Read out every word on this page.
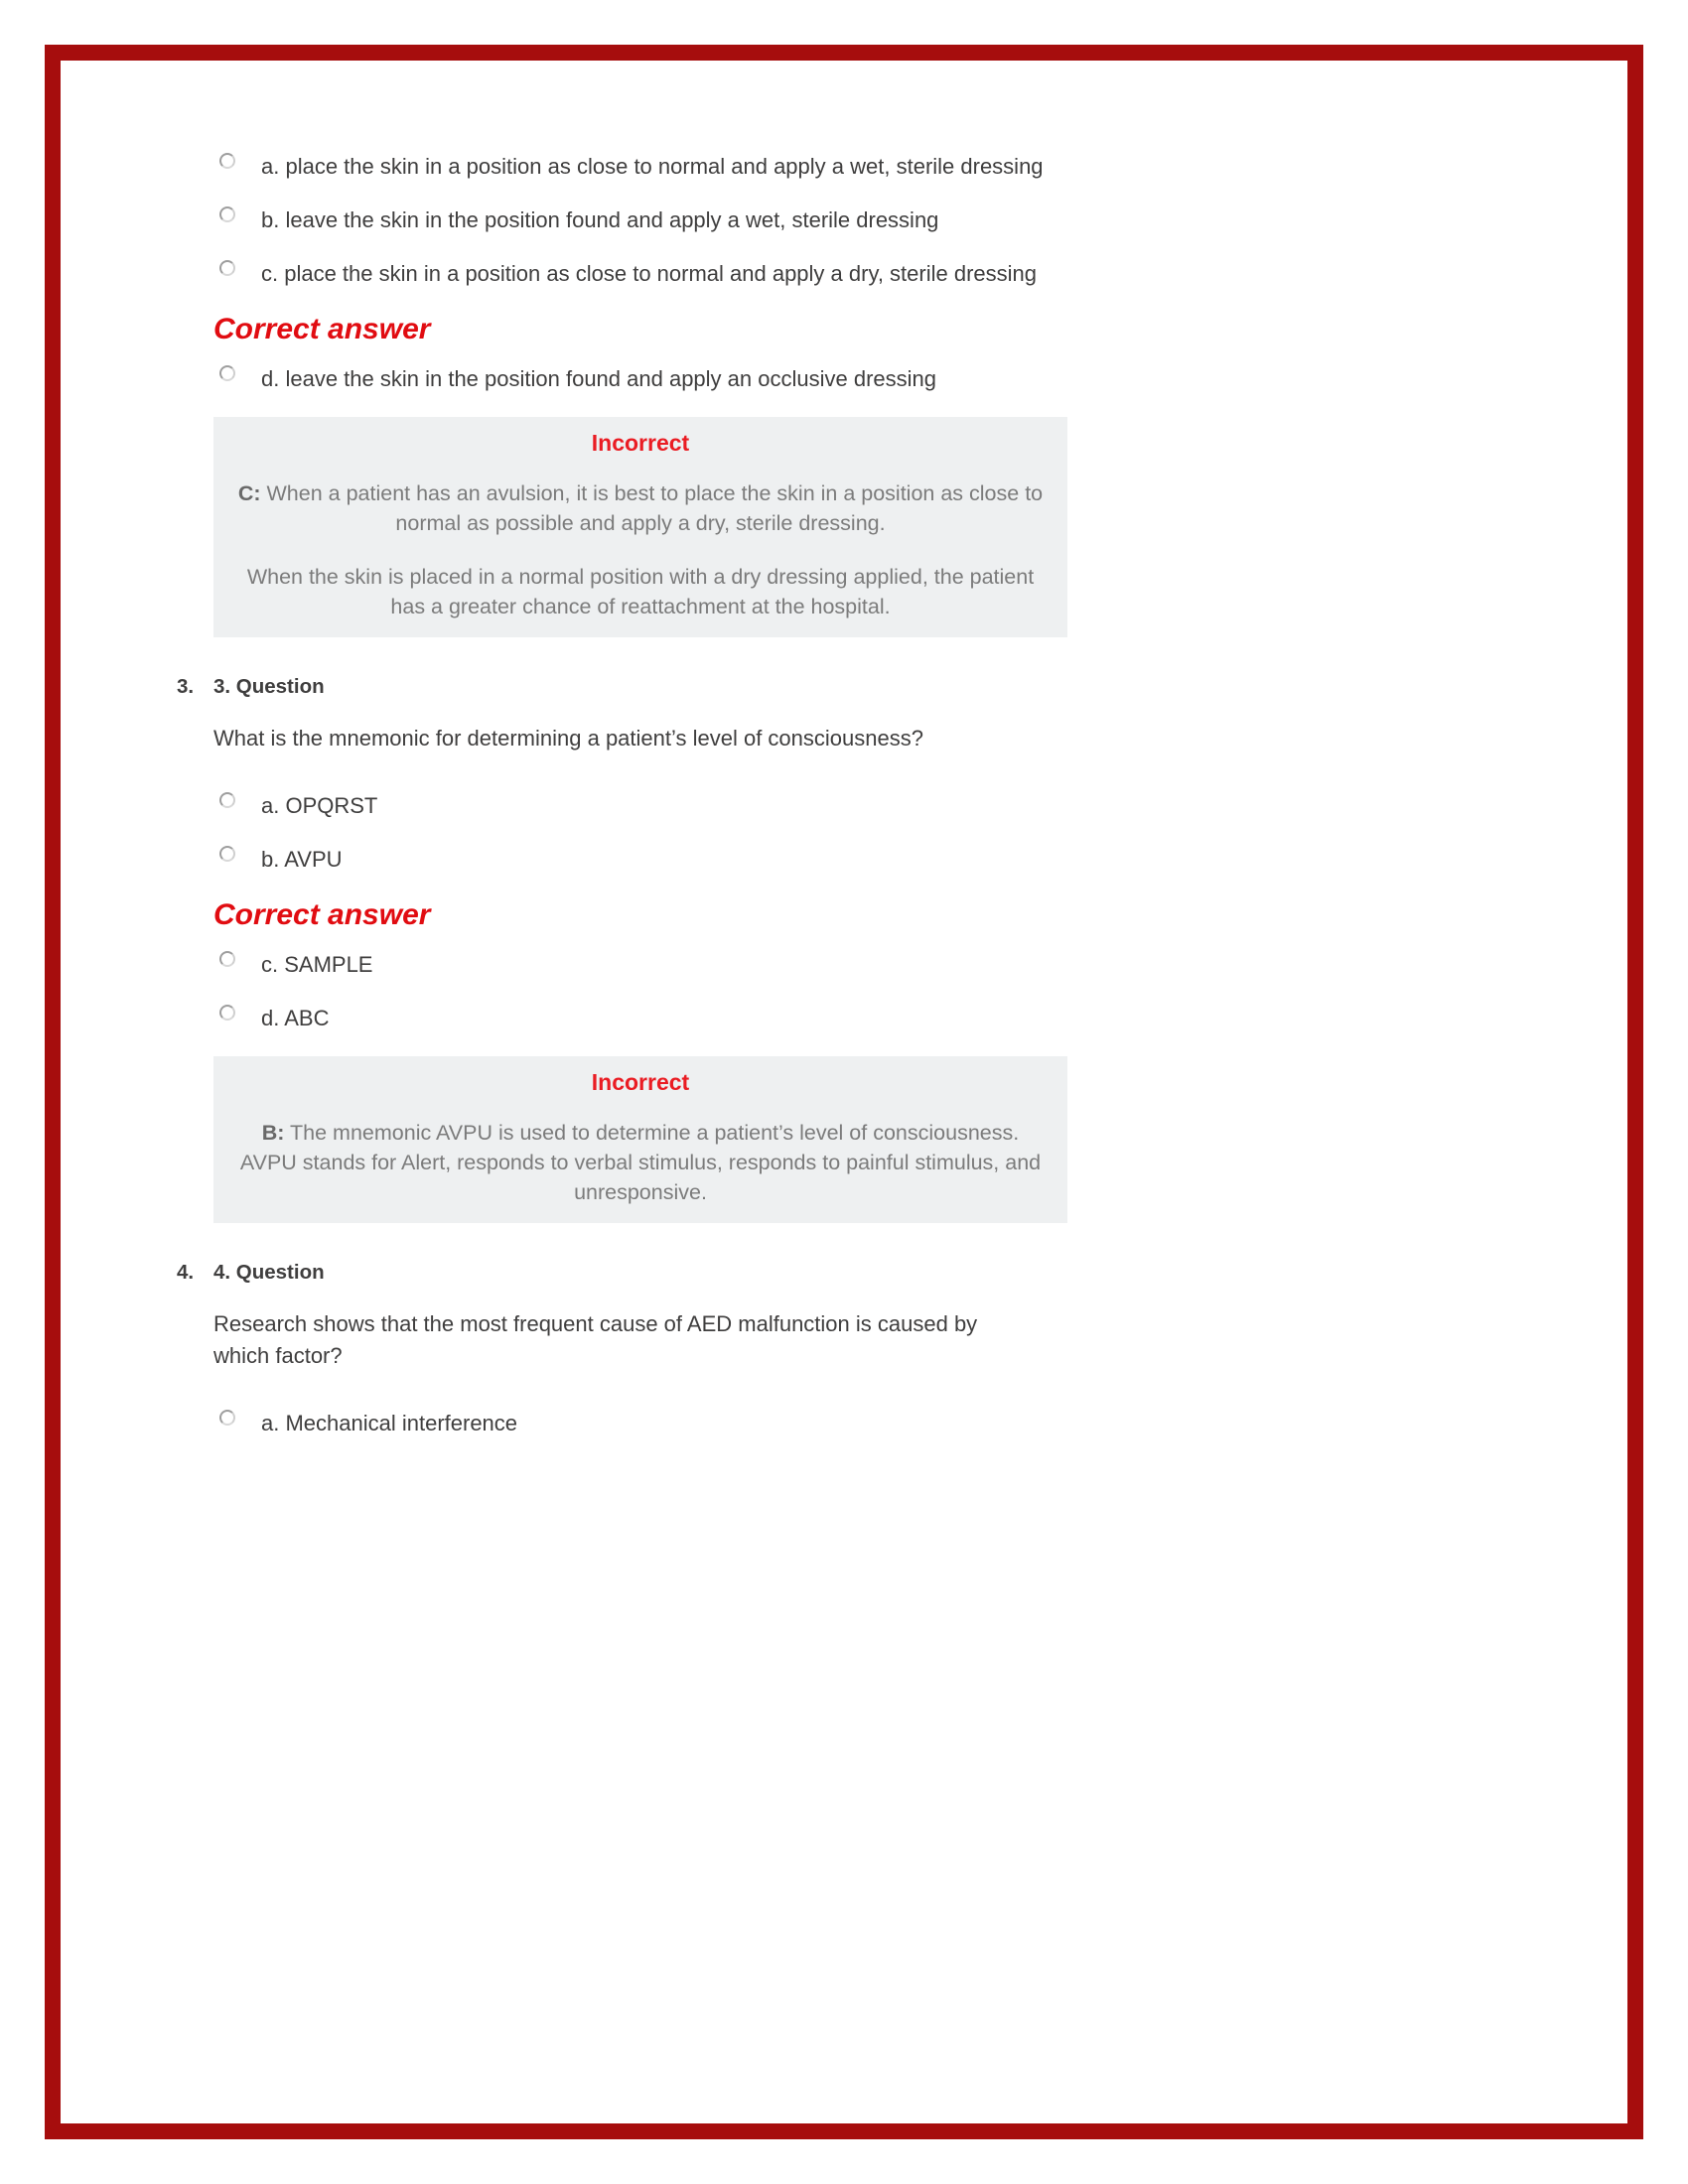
a. place the skin in a position as close to normal and apply a wet, sterile dressing
b. leave the skin in the position found and apply a wet, sterile dressing
c. place the skin in a position as close to normal and apply a dry, sterile dressing
Correct answer
d. leave the skin in the position found and apply an occlusive dressing
Incorrect

C: When a patient has an avulsion, it is best to place the skin in a position as close to normal as possible and apply a dry, sterile dressing.

When the skin is placed in a normal position with a dry dressing applied, the patient has a greater chance of reattachment at the hospital.

3. 3. Question
What is the mnemonic for determining a patient’s level of consciousness?
a. OPQRST
b. AVPU
Correct answer
c. SAMPLE
d. ABC
Incorrect

B: The mnemonic AVPU is used to determine a patient’s level of consciousness. AVPU stands for Alert, responds to verbal stimulus, responds to painful stimulus, and unresponsive.

4. 4. Question
Research shows that the most frequent cause of AED malfunction is caused by which factor?
a. Mechanical interference
